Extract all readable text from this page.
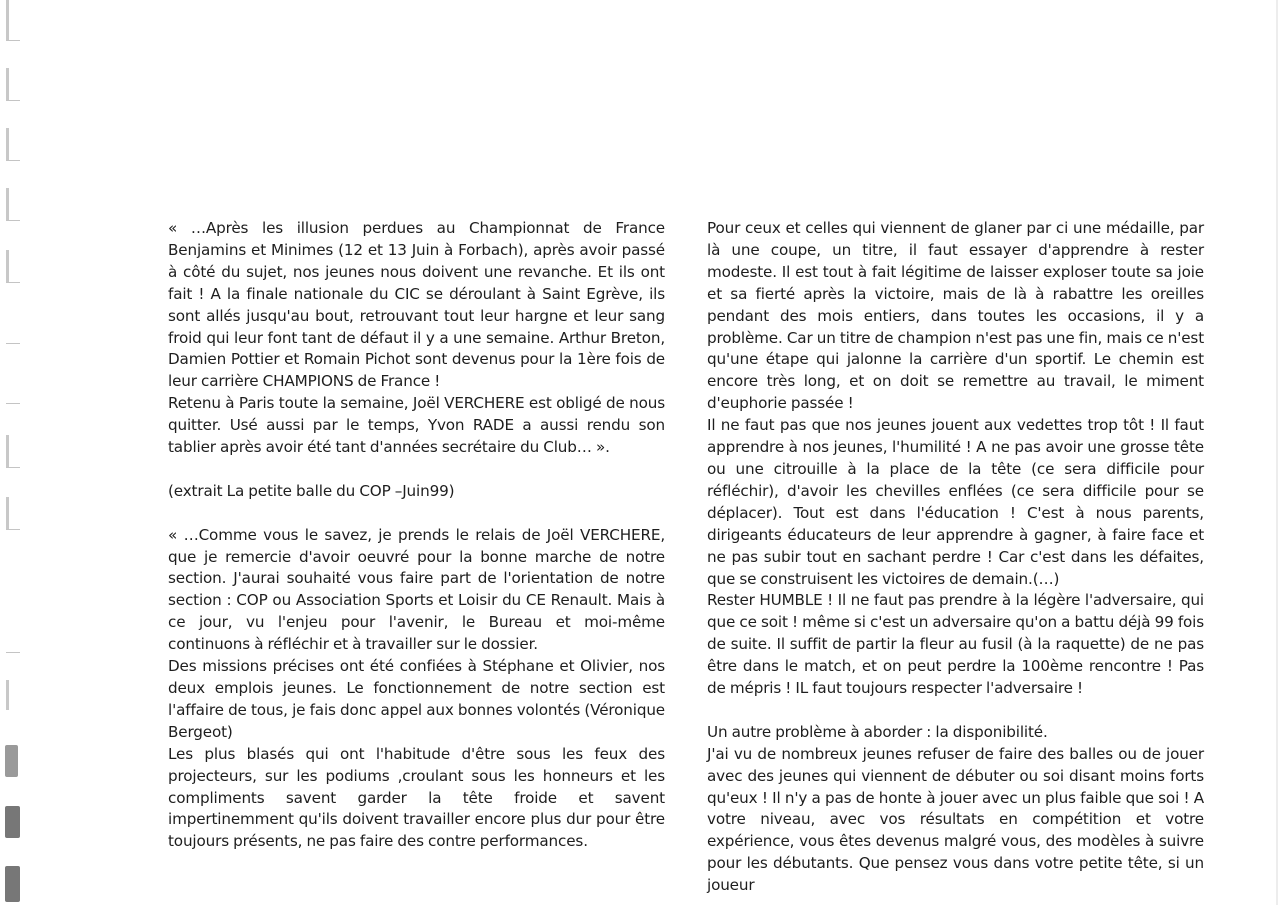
« …Après les illusion perdues au Championnat de France Benjamins et Minimes (12 et 13 Juin à Forbach), après avoir passé à côté du sujet, nos jeunes nous doivent une revanche. Et ils ont fait ! A la finale nationale du CIC se déroulant à Saint Egrève, ils sont allés jusqu'au bout, retrouvant tout leur hargne et leur sang froid qui leur font tant de défaut il y a une semaine. Arthur Breton, Damien Pottier et Romain Pichot sont devenus pour la 1ère fois de leur carrière CHAMPIONS de France !

Retenu à Paris toute la semaine, Joël VERCHERE est obligé de nous quitter. Usé aussi par le temps, Yvon RADE a aussi rendu son tablier après avoir été tant d'années secrétaire du Club… ».

(extrait La petite balle du COP –Juin99)

« …Comme vous le savez, je prends le relais de Joël VERCHERE, que je remercie d'avoir oeuvré pour la bonne marche de notre section. J'aurai souhaité vous faire part de l'orientation de notre section : COP ou Association Sports et Loisir du CE Renault. Mais à ce jour, vu l'enjeu pour l'avenir, le Bureau et moi-même continuons à réfléchir et à travailler sur le dossier.

Des missions précises ont été confiées à Stéphane et Olivier, nos deux emplois jeunes. Le fonctionnement de notre section est l'affaire de tous, je fais donc appel aux bonnes volontés (Véronique Bergeot)

Les plus blasés qui ont l'habitude d'être sous les feux des projecteurs, sur les podiums ,croulant sous les honneurs et les compliments savent garder la tête froide et savent impertinemment qu'ils doivent travailler encore plus dur pour être toujours présents, ne pas faire des contre performances.

Pour ceux et celles qui viennent de glaner par ci une médaille, par là une coupe, un titre, il faut essayer d'apprendre à rester modeste. Il est tout à fait légitime de laisser exploser toute sa joie et sa fierté après la victoire, mais de là à rabattre les oreilles pendant des mois entiers, dans toutes les occasions, il y a problème. Car un titre de champion n'est pas une fin, mais ce n'est qu'une étape qui jalonne la carrière d'un sportif. Le chemin est encore très long, et on doit se remettre au travail, le miment d'euphorie passée !

Il ne faut pas que nos jeunes jouent aux vedettes trop tôt ! Il faut apprendre à nos jeunes, l'humilité ! A ne pas avoir une grosse tête ou une citrouille à la place de la tête (ce sera difficile pour réfléchir), d'avoir les chevilles enflées (ce sera difficile pour se déplacer). Tout est dans l'éducation ! C'est à nous parents, dirigeants éducateurs de leur apprendre à gagner, à faire face et ne pas subir tout en sachant perdre ! Car c'est dans les défaites, que se construisent les victoires de demain.(…)

Rester HUMBLE ! Il ne faut pas prendre à la légère l'adversaire, qui que ce soit ! même si c'est un adversaire qu'on a battu déjà 99 fois de suite. Il suffit de partir la fleur au fusil (à la raquette) de ne pas être dans le match, et on peut perdre la 100ème rencontre ! Pas de mépris ! IL faut toujours respecter l'adversaire !

Un autre problème à aborder : la disponibilité.

J'ai vu de nombreux jeunes refuser de faire des balles ou de jouer avec des jeunes qui viennent de débuter ou soi disant moins forts qu'eux ! Il n'y a pas de honte à jouer avec un plus faible que soi ! A votre niveau, avec vos résultats en compétition et votre expérience, vous êtes devenus malgré vous, des modèles à suivre pour les débutants. Que pensez vous dans votre petite tête, si un joueur
